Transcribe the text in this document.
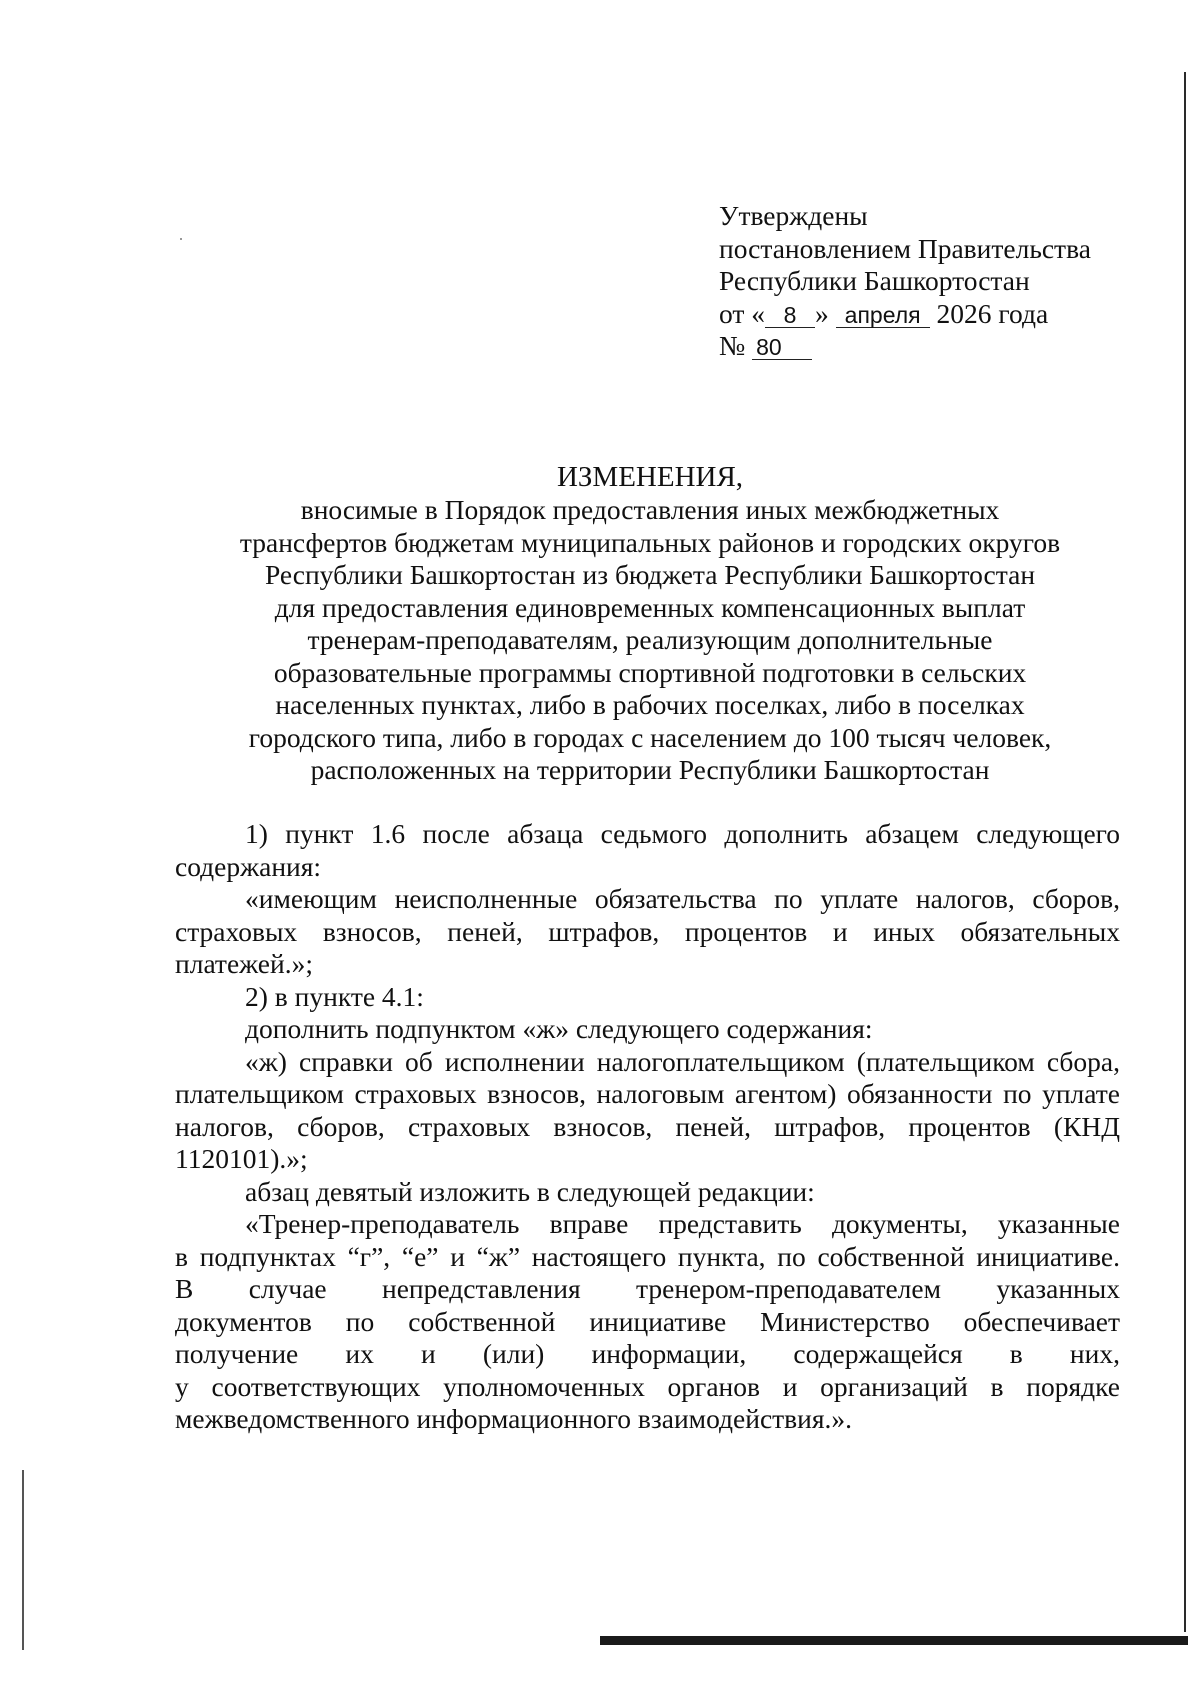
Утверждены
постановлением Правительства
Республики Башкортостан
от « 8 » апреля 2026 года
№ 80
ИЗМЕНЕНИЯ,
вносимые в Порядок предоставления иных межбюджетных
трансфертов бюджетам муниципальных районов и городских округов
Республики Башкортостан из бюджета Республики Башкортостан
для предоставления единовременных компенсационных выплат
тренерам-преподавателям, реализующим дополнительные
образовательные программы спортивной подготовки в сельских
населенных пунктах, либо в рабочих поселках, либо в поселках
городского типа, либо в городах с населением до 100 тысяч человек,
расположенных на территории Республики Башкортостан

1) пункт 1.6 после абзаца седьмого дополнить абзацем следующего содержания:

«имеющим неисполненные обязательства по уплате налогов, сборов, страховых взносов, пеней, штрафов, процентов и иных обязательных платежей.»;

2) в пункте 4.1:

дополнить подпунктом «ж» следующего содержания:

«ж) справки об исполнении налогоплательщиком (плательщиком сбора, плательщиком страховых взносов, налоговым агентом) обязанности по уплате налогов, сборов, страховых взносов, пеней, штрафов, процентов (КНД 1120101).»;

абзац девятый изложить в следующей редакции:

«Тренер-преподаватель вправе представить документы, указанные
в подпунктах “г”, “е” и “ж” настоящего пункта, по собственной инициативе.
В случае непредставления тренером-преподавателем указанных
документов по собственной инициативе Министерство обеспечивает
получение их и (или) информации, содержащейся в них,
у соответствующих уполномоченных органов и организаций в порядке
межведомственного информационного взаимодействия.».
